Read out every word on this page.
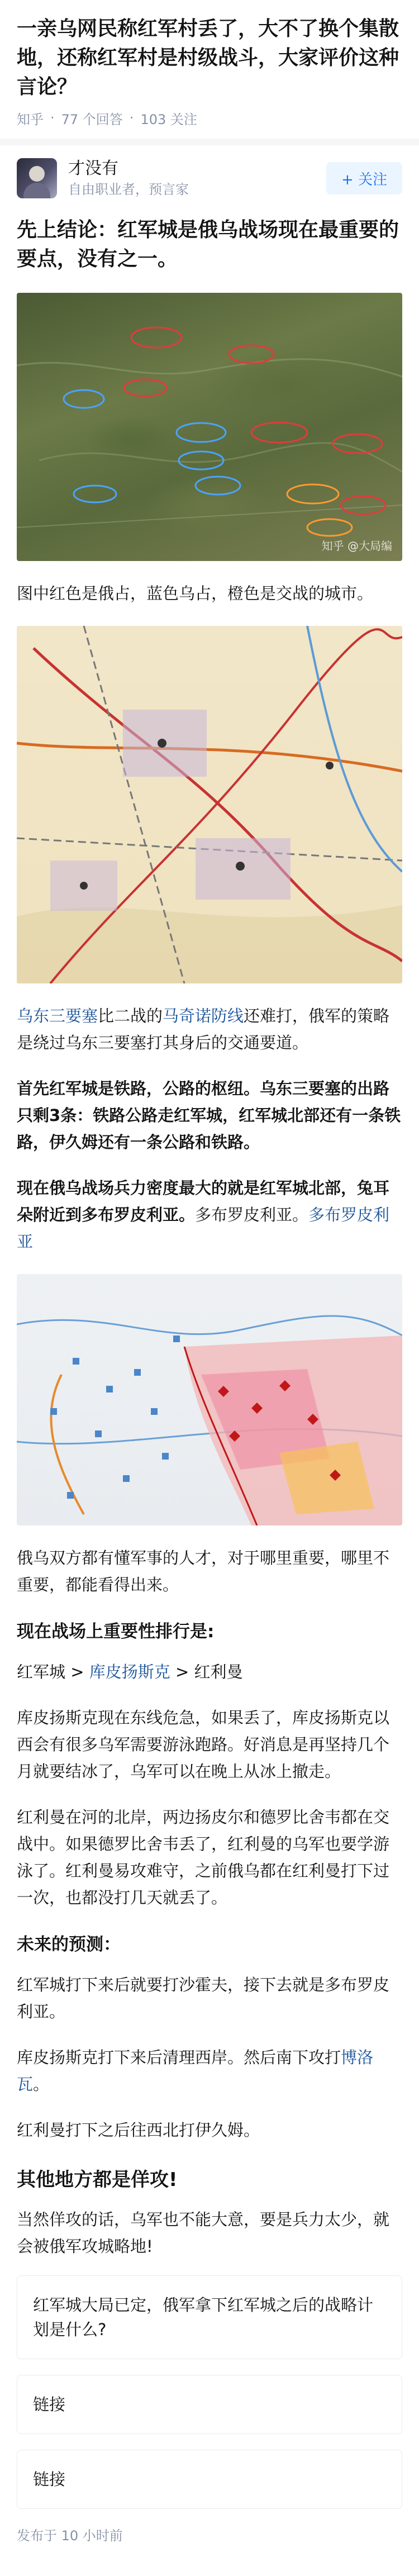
一亲乌网民称红军村丢了，大不了换个集散地，还称红军村是村级战斗，大家评价这种言论？
知乎 · 77 个回答 · 103 关注
才没有
自由职业者，预言家
+ 关注
先上结论：红军城是俄乌战场现在最重要的要点，没有之一。
知乎 @大局编
图中红色是俄占，蓝色乌占，橙色是交战的城市。
乌东三要塞比二战的马奇诺防线还难打，俄军的策略是绕过乌东三要塞打其身后的交通要道。
首先红军城是铁路，公路的枢纽。乌东三要塞的出路只剩3条：铁路公路走红军城，红军城北部还有一条铁路，伊久姆还有一条公路和铁路。
现在俄乌战场兵力密度最大的就是红军城北部，兔耳朵附近到多布罗皮利亚。多布罗皮利亚。多布罗皮利亚
俄乌双方都有懂军事的人才，对于哪里重要，哪里不重要，都能看得出来。
现在战场上重要性排行是:
红军城 > 库皮扬斯克 > 红利曼
库皮扬斯克现在东线危急，如果丢了，库皮扬斯克以西会有很多乌军需要游泳跑路。好消息是再坚持几个月就要结冰了，乌军可以在晚上从冰上撤走。
红利曼在河的北岸，两边扬皮尔和德罗比舍韦都在交战中。如果德罗比舍韦丢了，红利曼的乌军也要学游泳了。红利曼易攻难守，之前俄乌都在红利曼打下过一次，也都没打几天就丢了。
未来的预测：
红军城打下来后就要打沙霍夫，接下去就是多布罗皮利亚。
库皮扬斯克打下来后清理西岸。然后南下攻打博洛瓦。
红利曼打下之后往西北打伊久姆。
其他地方都是佯攻!
当然佯攻的话，乌军也不能大意，要是兵力太少，就会被俄军攻城略地!
红军城大局已定，俄军拿下红军城之后的战略计划是什么?
链接
链接
发布于 10 小时前
